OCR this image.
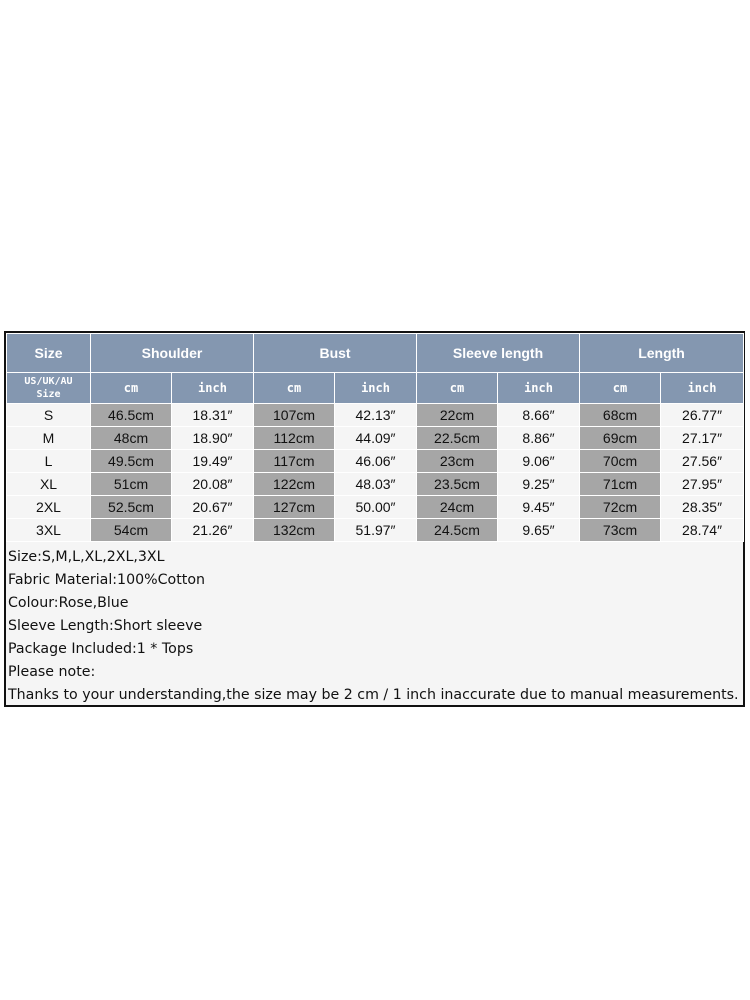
Size	Shoulder		Bust		Sleeve length		Length	

US/UK/AU
Size	cm	inch	cm	inch	cm	inch	cm	inch
S	46.5cm	18.31″	107cm	42.13″	22cm	8.66″	68cm	26.77″
M	48cm	18.90″	112cm	44.09″	22.5cm	8.86″	69cm	27.17″
L	49.5cm	19.49″	117cm	46.06″	23cm	9.06″	70cm	27.56″
XL	51cm	20.08″	122cm	48.03″	23.5cm	9.25″	71cm	27.95″
2XL	52.5cm	20.67″	127cm	50.00″	24cm	9.45″	72cm	28.35″
3XL	54cm	21.26″	132cm	51.97″	24.5cm	9.65″	73cm	28.74″
Size:S,M,L,XL,2XL,3XL
Fabric Material:100%Cotton
Colour:Rose,Blue
Sleeve Length:Short sleeve
Package Included:1 * Tops
Please note:
Thanks to your understanding,the size may be 2 cm / 1 inch inaccurate due to manual measurements.
